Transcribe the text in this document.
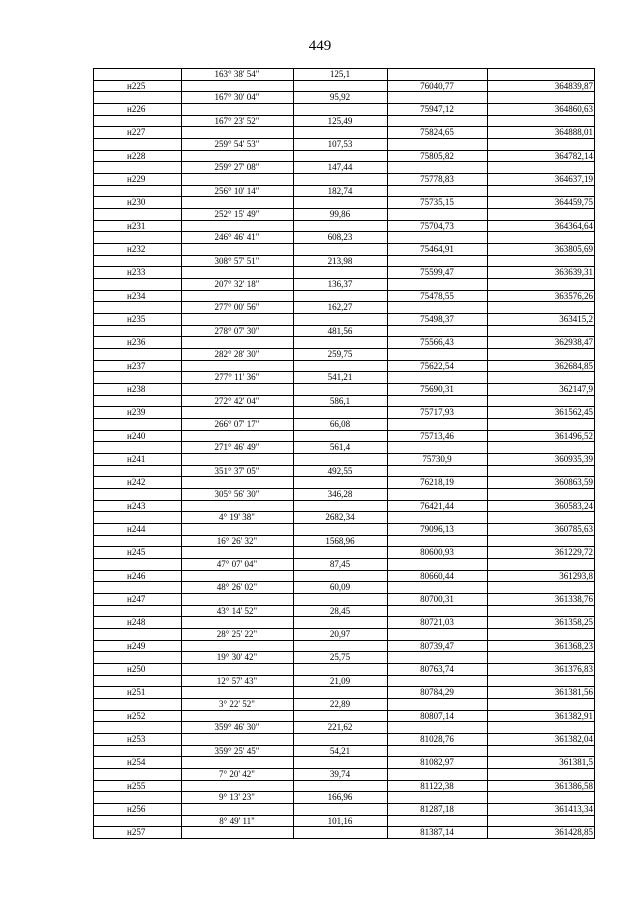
449
163° 38' 54"	125,1
н225	76040,77	364839,87
167° 30' 04"	95,92
н226	75947,12	364860,63
167° 23' 52"	125,49
н227	75824,65	364888,01
259° 54' 53"	107,53
н228	75805,82	364782,14
259° 27' 08"	147,44
н229	75778,83	364637,19
256° 10' 14"	182,74
н230	75735,15	364459,75
252° 15' 49"	99,86
н231	75704,73	364364,64
246° 46' 41"	608,23
н232	75464,91	363805,69
308° 57' 51"	213,98
н233	75599,47	363639,31
207° 32' 18"	136,37
н234	75478,55	363576,26
277° 00' 56"	162,27
н235	75498,37	363415,2
278° 07' 30"	481,56
н236	75566,43	362938,47
282° 28' 30"	259,75
н237	75622,54	362684,85
277° 11' 36"	541,21
н238	75690,31	362147,9
272° 42' 04"	586,1
н239	75717,93	361562,45
266° 07' 17"	66,08
н240	75713,46	361496,52
271° 46' 49"	561,4
н241	75730,9	360935,39
351° 37' 05"	492,55
н242	76218,19	360863,59
305° 56' 30"	346,28
н243	76421,44	360583,24
4° 19' 38"	2682,34
н244	79096,13	360785,63
16° 26' 32"	1568,96
н245	80600,93	361229,72
47° 07' 04"	87,45
н246	80660,44	361293,8
48° 26' 02"	60,09
н247	80700,31	361338,76
43° 14' 52"	28,45
н248	80721,03	361358,25
28° 25' 22"	20,97
н249	80739,47	361368,23
19° 30' 42"	25,75
н250	80763,74	361376,83
12° 57' 43"	21,09
н251	80784,29	361381,56
3° 22' 52"	22,89
н252	80807,14	361382,91
359° 46' 30"	221,62
н253	81028,76	361382,04
359° 25' 45"	54,21
н254	81082,97	361381,5
7° 20' 42"	39,74
н255	81122,38	361386,58
9° 13' 23"	166,96
н256	81287,18	361413,34
8° 49' 11"	101,16
н257	81387,14	361428,85
